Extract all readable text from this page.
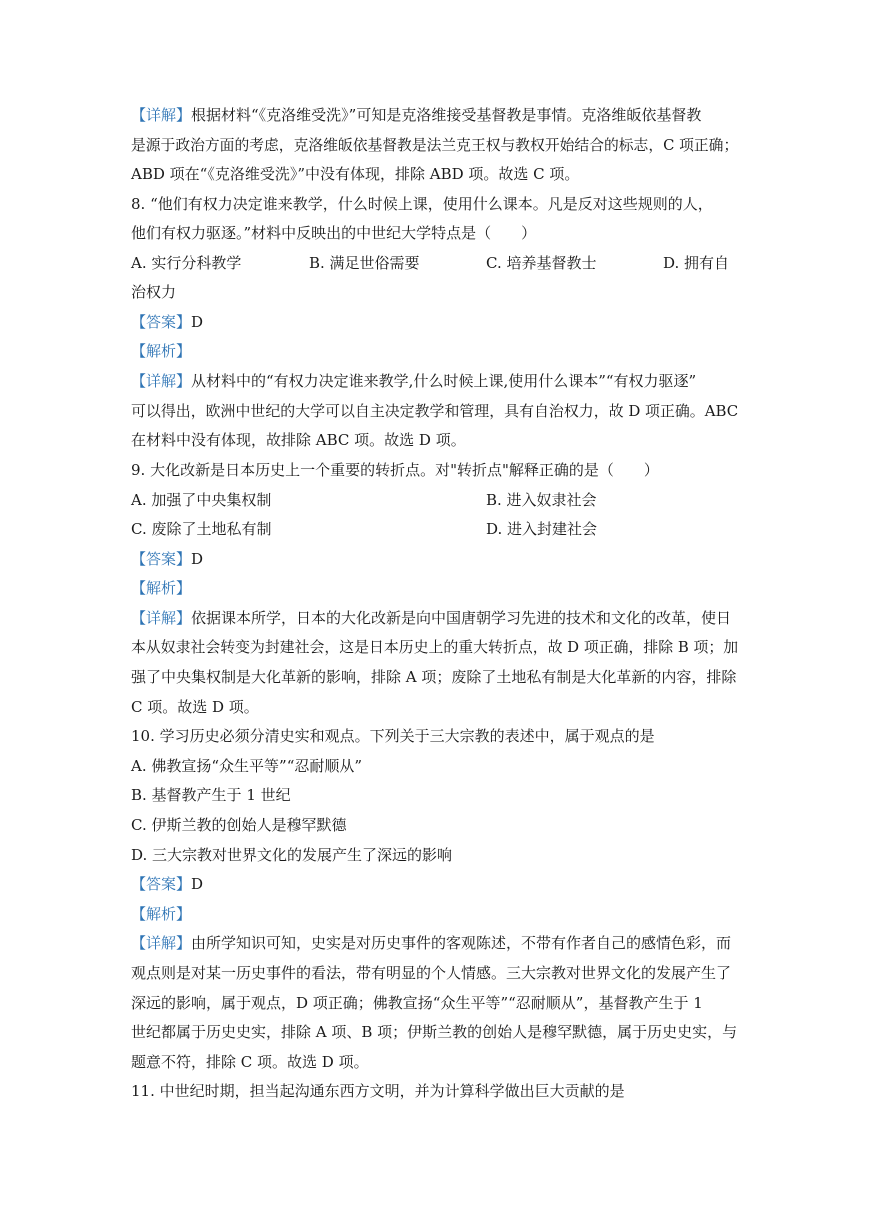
【详解】根据材料“《克洛维受洗》”可知是克洛维接受基督教是事情。克洛维皈依基督教
是源于政治方面的考虑，克洛维皈依基督教是法兰克王权与教权开始结合的标志，C 项正确；
ABD 项在“《克洛维受洗》”中没有体现，排除 ABD 项。故选 C 项。
8. “他们有权力决定谁来教学，什么时候上课，使用什么课本。凡是反对这些规则的人，
他们有权力驱逐。”材料中反映出的中世纪大学特点是（　　）
A. 实行分科教学	B. 满足世俗需要	C. 培养基督教士	D. 拥有自
治权力
【答案】D
【解析】
【详解】从材料中的“有权力决定谁来教学,什么时候上课,使用什么课本”“有权力驱逐”
可以得出，欧洲中世纪的大学可以自主决定教学和管理，具有自治权力，故 D 项正确。ABC
在材料中没有体现，故排除 ABC 项。故选 D 项。
9. 大化改新是日本历史上一个重要的转折点。对"转折点"解释正确的是（　　）
A. 加强了中央集权制	B. 进入奴隶社会
C. 废除了土地私有制	D. 进入封建社会
【答案】D
【解析】
【详解】依据课本所学，日本的大化改新是向中国唐朝学习先进的技术和文化的改革，使日
本从奴隶社会转变为封建社会，这是日本历史上的重大转折点，故 D 项正确，排除 B 项；加
强了中央集权制是大化革新的影响，排除 A 项；废除了土地私有制是大化革新的内容，排除
C 项。故选 D 项。
10. 学习历史必须分清史实和观点。下列关于三大宗教的表述中，属于观点的是
A. 佛教宣扬“众生平等”“忍耐顺从”
B. 基督教产生于 1 世纪
C. 伊斯兰教的创始人是穆罕默德
D. 三大宗教对世界文化的发展产生了深远的影响
【答案】D
【解析】
【详解】由所学知识可知，史实是对历史事件的客观陈述，不带有作者自己的感情色彩，而
观点则是对某一历史事件的看法，带有明显的个人情感。三大宗教对世界文化的发展产生了
深远的影响，属于观点，D 项正确；佛教宣扬“众生平等”“忍耐顺从”，基督教产生于 1
世纪都属于历史史实，排除 A 项、B 项；伊斯兰教的创始人是穆罕默德，属于历史史实，与
题意不符，排除 C 项。故选 D 项。
11. 中世纪时期，担当起沟通东西方文明，并为计算科学做出巨大贡献的是
